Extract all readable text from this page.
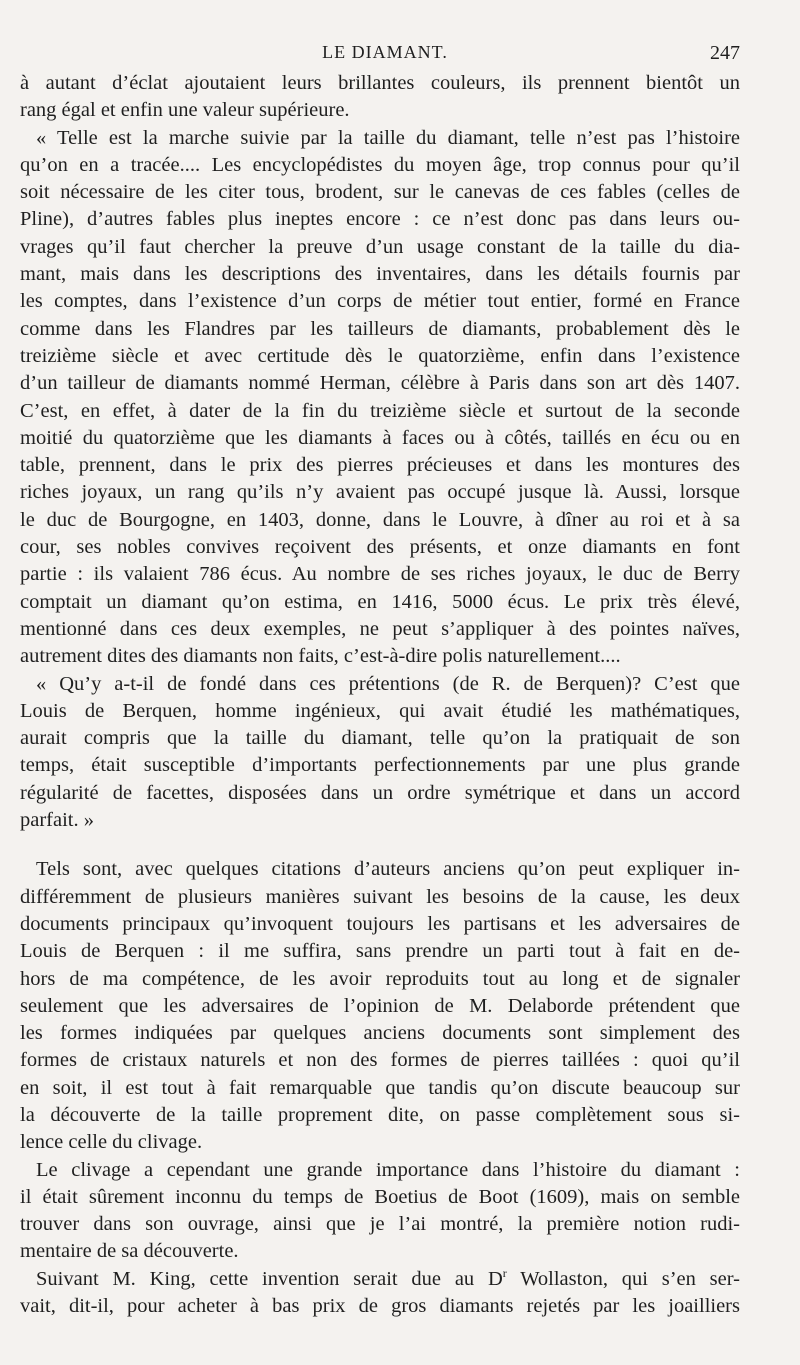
LE DIAMANT.	247
à autant d’éclat ajoutaient leurs brillantes couleurs, ils prennent bientôt un
rang égal et enfin une valeur supérieure.
« Telle est la marche suivie par la taille du diamant, telle n’est pas l’histoire
qu’on en a tracée.... Les encyclopédistes du moyen âge, trop connus pour qu’il
soit nécessaire de les citer tous, brodent, sur le canevas de ces fables (celles de
Pline), d’autres fables plus ineptes encore : ce n’est donc pas dans leurs ou-
vrages qu’il faut chercher la preuve d’un usage constant de la taille du dia-
mant, mais dans les descriptions des inventaires, dans les détails fournis par
les comptes, dans l’existence d’un corps de métier tout entier, formé en France
comme dans les Flandres par les tailleurs de diamants, probablement dès le
treizième siècle et avec certitude dès le quatorzième, enfin dans l’existence
d’un tailleur de diamants nommé Herman, célèbre à Paris dans son art dès 1407.
C’est, en effet, à dater de la fin du treizième siècle et surtout de la seconde
moitié du quatorzième que les diamants à faces ou à côtés, taillés en écu ou en
table, prennent, dans le prix des pierres précieuses et dans les montures des
riches joyaux, un rang qu’ils n’y avaient pas occupé jusque là. Aussi, lorsque
le duc de Bourgogne, en 1403, donne, dans le Louvre, à dîner au roi et à sa
cour, ses nobles convives reçoivent des présents, et onze diamants en font
partie : ils valaient 786 écus. Au nombre de ses riches joyaux, le duc de Berry
comptait un diamant qu’on estima, en 1416, 5000 écus. Le prix très élevé,
mentionné dans ces deux exemples, ne peut s’appliquer à des pointes naïves,
autrement dites des diamants non faits, c’est-à-dire polis naturellement....
« Qu’y a-t-il de fondé dans ces prétentions (de R. de Berquen)? C’est que
Louis de Berquen, homme ingénieux, qui avait étudié les mathématiques,
aurait compris que la taille du diamant, telle qu’on la pratiquait de son
temps, était susceptible d’importants perfectionnements par une plus grande
régularité de facettes, disposées dans un ordre symétrique et dans un accord
parfait. »
Tels sont, avec quelques citations d’auteurs anciens qu’on peut expliquer in-
différemment de plusieurs manières suivant les besoins de la cause, les deux
documents principaux qu’invoquent toujours les partisans et les adversaires de
Louis de Berquen : il me suffira, sans prendre un parti tout à fait en de-
hors de ma compétence, de les avoir reproduits tout au long et de signaler
seulement que les adversaires de l’opinion de M. Delaborde prétendent que
les formes indiquées par quelques anciens documents sont simplement des
formes de cristaux naturels et non des formes de pierres taillées : quoi qu’il
en soit, il est tout à fait remarquable que tandis qu’on discute beaucoup sur
la découverte de la taille proprement dite, on passe complètement sous si-
lence celle du clivage.
Le clivage a cependant une grande importance dans l’histoire du diamant :
il était sûrement inconnu du temps de Boetius de Boot (1609), mais on semble
trouver dans son ouvrage, ainsi que je l’ai montré, la première notion rudi-
mentaire de sa découverte.
Suivant M. King, cette invention serait due au $D^r$ Wollaston, qui s’en ser-
vait, dit-il, pour acheter à bas prix de gros diamants rejetés par les joailliers
